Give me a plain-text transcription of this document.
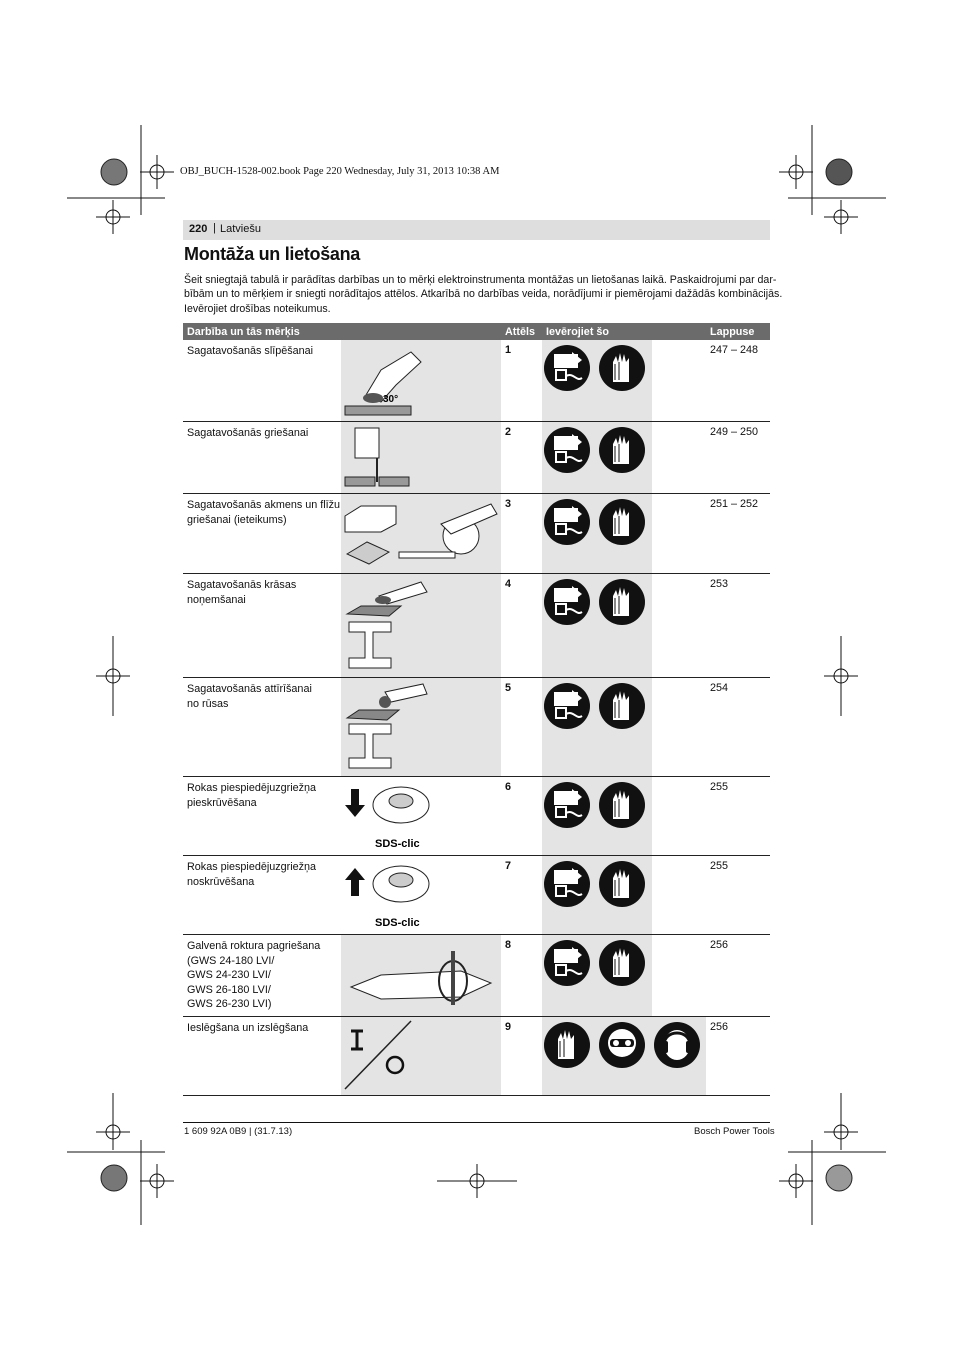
OBJ_BUCH-1528-002.book Page 220 Wednesday, July 31, 2013 10:38 AM
220 | Latviešu
Montāža un lietošana
Šeit sniegtajā tabulā ir parādītas darbības un to mērķi elektroinstrumenta montāžas un lietošanas laikā. Paskaidrojumi par dar-
bībām un to mērķiem ir sniegti norādītajos attēlos. Atkarībā no darbības veida, norādījumi ir piemērojami dažādās kombinācijās.
Ievērojiet drošības noteikumus.
Darbība un tās mērķis		Attēls	Ievērojiet šo			Lappuse
Sagatavošanās slīpēšanai	30°	1				247 – 248
Sagatavošanās griešanai		2				249 – 250

Sagatavošanās akmens un flīžu
griešanai (ieteikums)		3				251 – 252

Sagatavošanās krāsas
noņemšanai		4				253

Sagatavošanās attīrīšanai
no rūsas		5				254

Rokas piespiedējuzgriežņa
pieskrūvēšana	SDS-clic	6				255

Rokas piespiedējuzgriežņa
noskrūvēšana	SDS-clic	7				255

Galvenā roktura pagriešana
(GWS 24-180 LVI/
GWS 24-230 LVI/
GWS 26-180 LVI/
GWS 26-230 LVI)		8				256
Ieslēgšana un izslēgšana		9				256
1 609 92A 0B9 | (31.7.13)	Bosch Power Tools
